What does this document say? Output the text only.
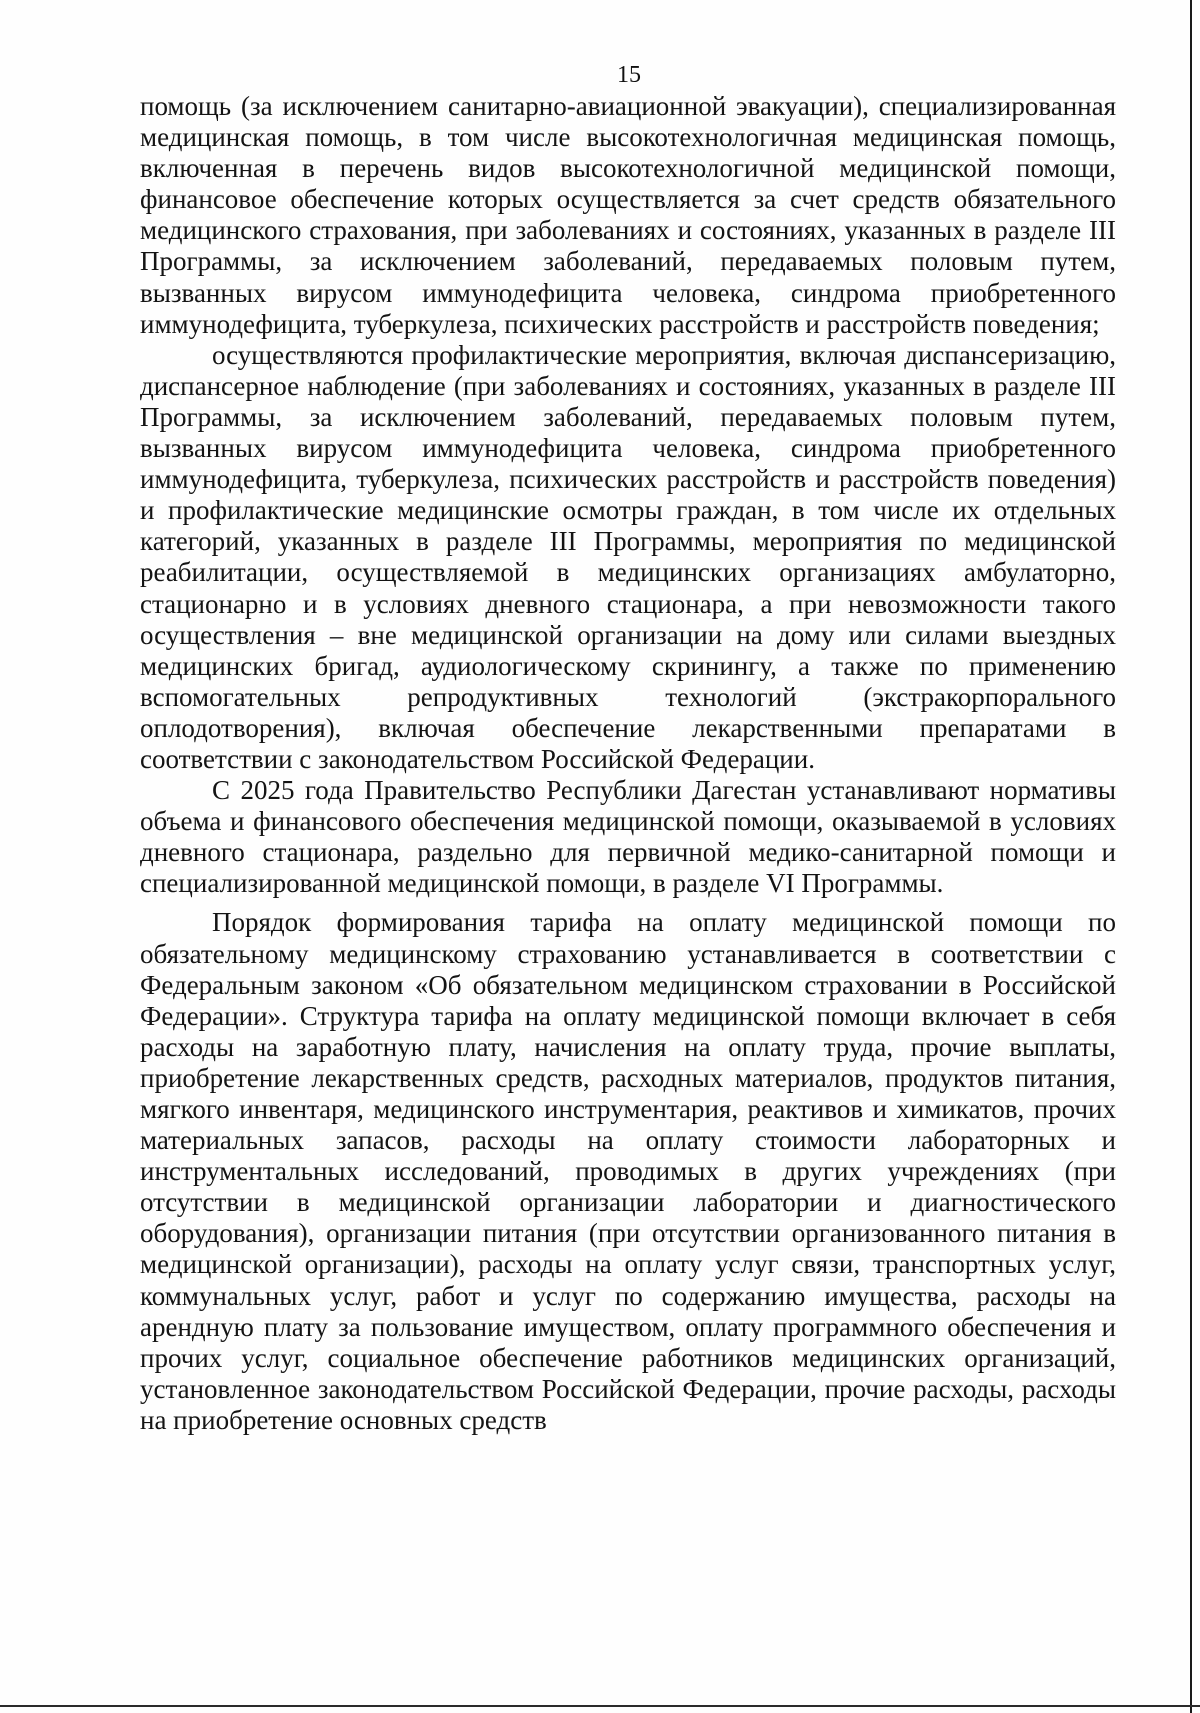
15

помощь (за исключением санитарно-авиационной эвакуации), специализированная медицинская помощь, в том числе высокотехнологичная медицинская помощь, включенная в перечень видов высокотехнологичной медицинской помощи, финансовое обеспечение которых осуществляется за счет средств обязательного медицинского страхования, при заболеваниях и состояниях, указанных в разделе III Программы, за исключением заболеваний, передаваемых половым путем, вызванных вирусом иммунодефицита человека, синдрома приобретенного иммунодефицита, туберкулеза, психических расстройств и расстройств поведения;

осуществляются профилактические мероприятия, включая диспансеризацию, диспансерное наблюдение (при заболеваниях и состояниях, указанных в разделе III Программы, за исключением заболеваний, передаваемых половым путем, вызванных вирусом иммунодефицита человека, синдрома приобретенного иммунодефицита, туберкулеза, психических расстройств и расстройств поведения) и профилактические медицинские осмотры граждан, в том числе их отдельных категорий, указанных в разделе III Программы, мероприятия по медицинской реабилитации, осуществляемой в медицинских организациях амбулаторно, стационарно и в условиях дневного стационара, а при невозможности такого осуществления – вне медицинской организации на дому или силами выездных медицинских бригад, аудиологическому скринингу, а также по применению вспомогательных репродуктивных технологий (экстракорпорального оплодотворения), включая обеспечение лекарственными препаратами в соответствии с законодательством Российской Федерации.

С 2025 года Правительство Республики Дагестан устанавливают нормативы объема и финансового обеспечения медицинской помощи, оказываемой в условиях дневного стационара, раздельно для первичной медико-санитарной помощи и специализированной медицинской помощи, в разделе VI Программы.

Порядок формирования тарифа на оплату медицинской помощи по обязательному медицинскому страхованию устанавливается в соответствии с Федеральным законом «Об обязательном медицинском страховании в Российской Федерации». Структура тарифа на оплату медицинской помощи включает в себя расходы на заработную плату, начисления на оплату труда, прочие выплаты, приобретение лекарственных средств, расходных материалов, продуктов питания, мягкого инвентаря, медицинского инструментария, реактивов и химикатов, прочих материальных запасов, расходы на оплату стоимости лабораторных и инструментальных исследований, проводимых в других учреждениях (при отсутствии в медицинской организации лаборатории и диагностического оборудования), организации питания (при отсутствии организованного питания в медицинской организации), расходы на оплату услуг связи, транспортных услуг, коммунальных услуг, работ и услуг по содержанию имущества, расходы на арендную плату за пользование имуществом, оплату программного обеспечения и прочих услуг, социальное обеспечение работников медицинских организаций, установленное законодательством Российской Федерации, прочие расходы, расходы на приобретение основных средств
